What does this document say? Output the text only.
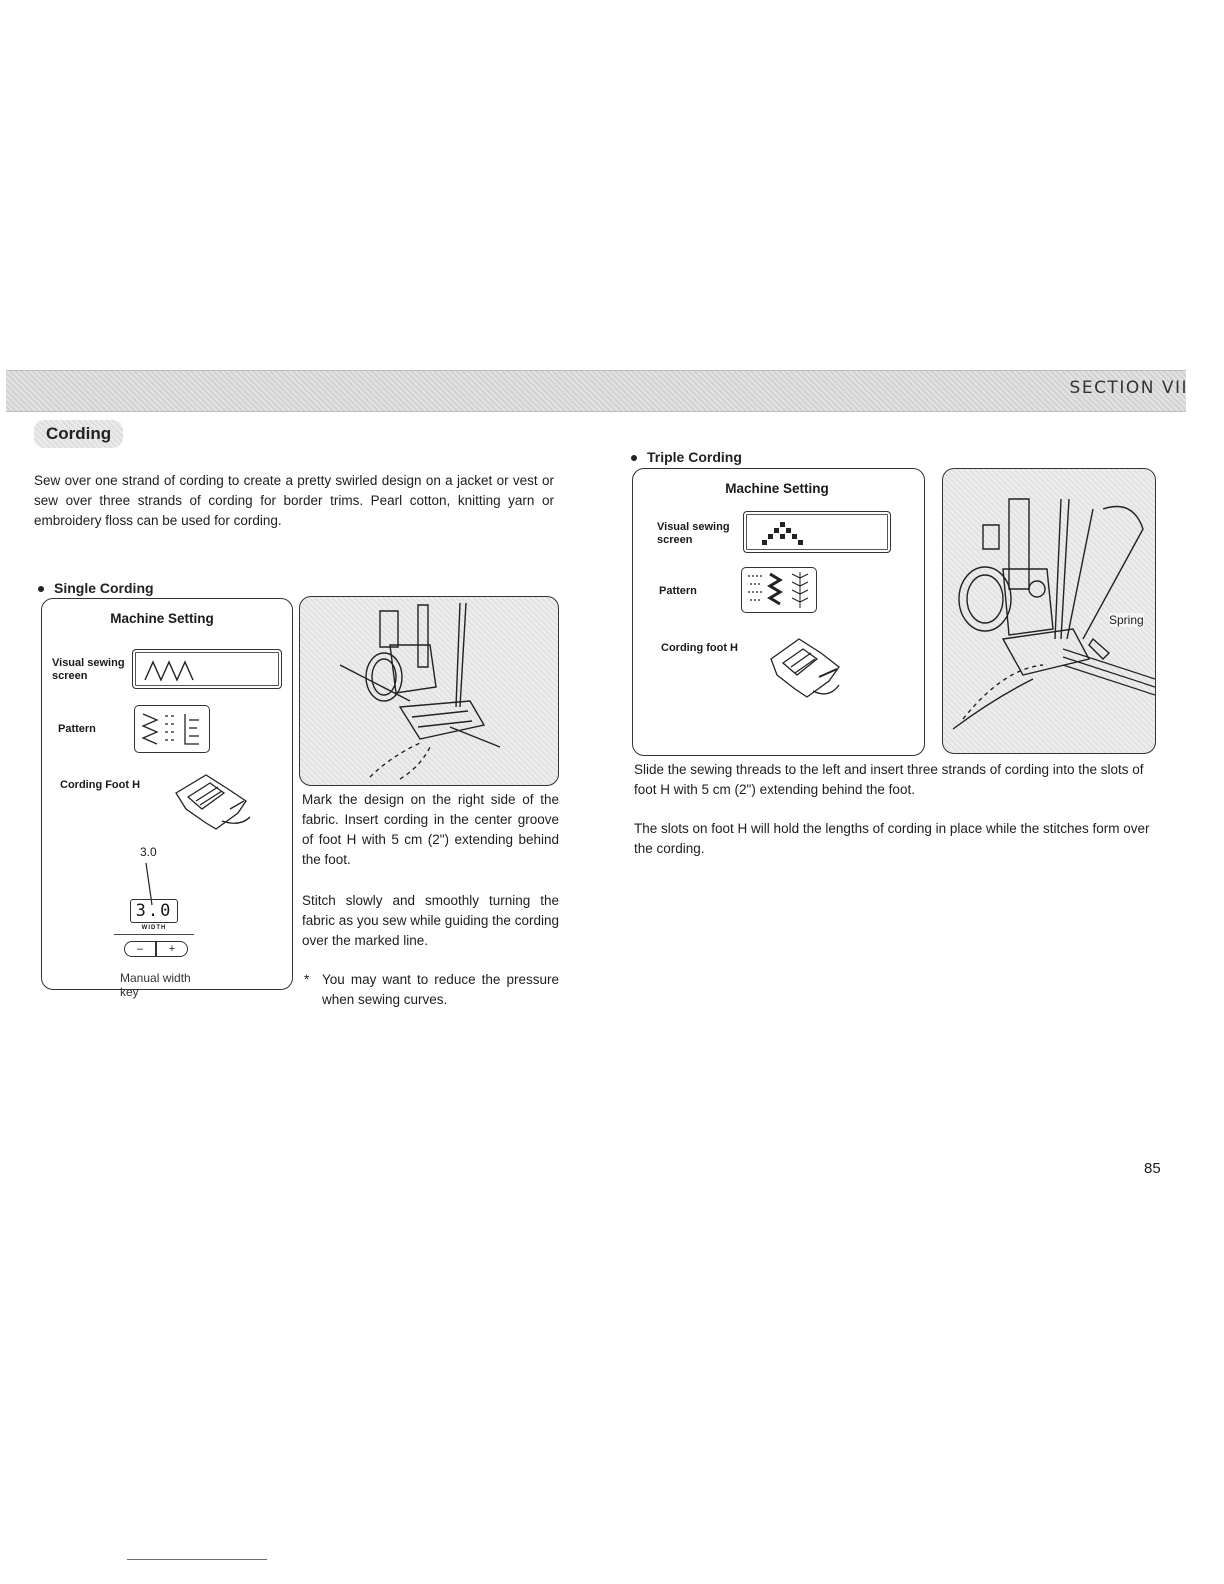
SECTION VII
Cording
Sew over one strand of cording to create a pretty swirled design on a jacket or vest or sew over three strands of cording for border trims. Pearl cotton, knitting yarn or embroidery floss can be used for cording.
Single Cording
Machine Setting
Visual sewing
screen
Pattern
Cording Foot H
3.0
3.0
WIDTH
–	+
Manual width
key
Mark the design on the right side of the fabric. Insert cording in the center groove of foot H with 5 cm (2") extending behind the foot.
Stitch slowly and smoothly turning the fabric as you sew while guiding the cording over the marked line.
* You may want to reduce the pressure when sewing curves.
Triple Cording
Machine Setting
Visual sewing
screen
Pattern
Cording foot H
Spring
Slide the sewing threads to the left and insert three strands of cording into the slots of foot H with 5 cm (2") extending behind the foot.
The slots on foot H will hold the lengths of cording in place while the stitches form over the cording.
85
